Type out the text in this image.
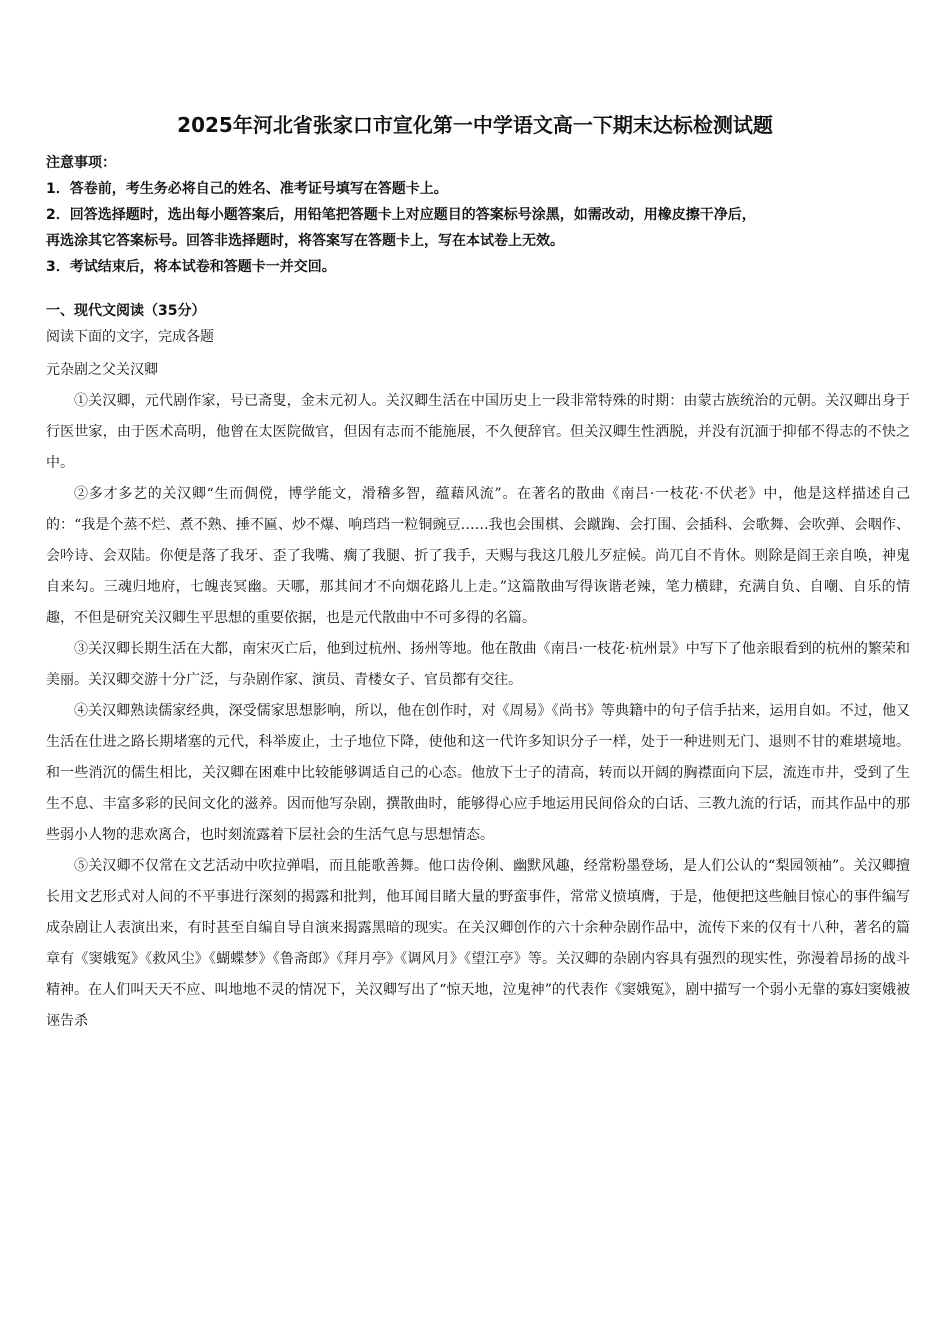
2025年河北省张家口市宣化第一中学语文高一下期末达标检测试题

注意事项：

1．答卷前，考生务必将自己的姓名、准考证号填写在答题卡上。

2．回答选择题时，选出每小题答案后，用铅笔把答题卡上对应题目的答案标号涂黑，如需改动，用橡皮擦干净后，

再选涂其它答案标号。回答非选择题时，将答案写在答题卡上，写在本试卷上无效。

3．考试结束后，将本试卷和答题卡一并交回。

一、现代文阅读（35分）

阅读下面的文字，完成各题

元杂剧之父关汉卿

①关汉卿，元代剧作家，号已斋叟，金末元初人。关汉卿生活在中国历史上一段非常特殊的时期：由蒙古族统治的元朝。关汉卿出身于行医世家，由于医术高明，他曾在太医院做官，但因有志而不能施展，不久便辞官。但关汉卿生性洒脱，并没有沉湎于抑郁不得志的不快之中。

②多才多艺的关汉卿“生而倜傥，博学能文，滑稽多智，蕴藉风流”。在著名的散曲《南吕·一枝花·不伏老》中，他是这样描述自己的：“我是个蒸不烂、煮不熟、捶不匾、炒不爆、响珰珰一粒铜豌豆……我也会围棋、会蹴踘、会打围、会插科、会歌舞、会吹弹、会咽作、会吟诗、会双陆。你便是落了我牙、歪了我嘴、瘸了我腿、折了我手，天赐与我这几般儿歹症候。尚兀自不肯休。则除是阎王亲自唤，神鬼自来勾。三魂归地府，七魄丧冥幽。天哪，那其间才不向烟花路儿上走。”这篇散曲写得诙谐老辣，笔力横肆，充满自负、自嘲、自乐的情趣，不但是研究关汉卿生平思想的重要依据，也是元代散曲中不可多得的名篇。

③关汉卿长期生活在大都，南宋灭亡后，他到过杭州、扬州等地。他在散曲《南吕·一枝花·杭州景》中写下了他亲眼看到的杭州的繁荣和美丽。关汉卿交游十分广泛，与杂剧作家、演员、青楼女子、官员都有交往。

④关汉卿熟读儒家经典，深受儒家思想影响，所以，他在创作时，对《周易》《尚书》等典籍中的句子信手拈来，运用自如。不过，他又生活在仕进之路长期堵塞的元代，科举废止，士子地位下降，使他和这一代许多知识分子一样，处于一种进则无门、退则不甘的难堪境地。和一些消沉的儒生相比，关汉卿在困难中比较能够调适自己的心态。他放下士子的清高，转而以开阔的胸襟面向下层，流连市井，受到了生生不息、丰富多彩的民间文化的滋养。因而他写杂剧，撰散曲时，能够得心应手地运用民间俗众的白话、三教九流的行话，而其作品中的那些弱小人物的悲欢离合，也时刻流露着下层社会的生活气息与思想情态。

⑤关汉卿不仅常在文艺活动中吹拉弹唱，而且能歌善舞。他口齿伶俐、幽默风趣，经常粉墨登场，是人们公认的“梨园领袖”。关汉卿擅长用文艺形式对人间的不平事进行深刻的揭露和批判，他耳闻目睹大量的野蛮事件，常常义愤填膺，于是，他便把这些触目惊心的事件编写成杂剧让人表演出来，有时甚至自编自导自演来揭露黑暗的现实。在关汉卿创作的六十余种杂剧作品中，流传下来的仅有十八种，著名的篇章有《窦娥冤》《救风尘》《蝴蝶梦》《鲁斋郎》《拜月亭》《调风月》《望江亭》等。关汉卿的杂剧内容具有强烈的现实性，弥漫着昂扬的战斗精神。在人们叫天天不应、叫地地不灵的情况下，关汉卿写出了“惊天地，泣鬼神”的代表作《窦娥冤》，剧中描写一个弱小无靠的寡妇窦娥被诬告杀
